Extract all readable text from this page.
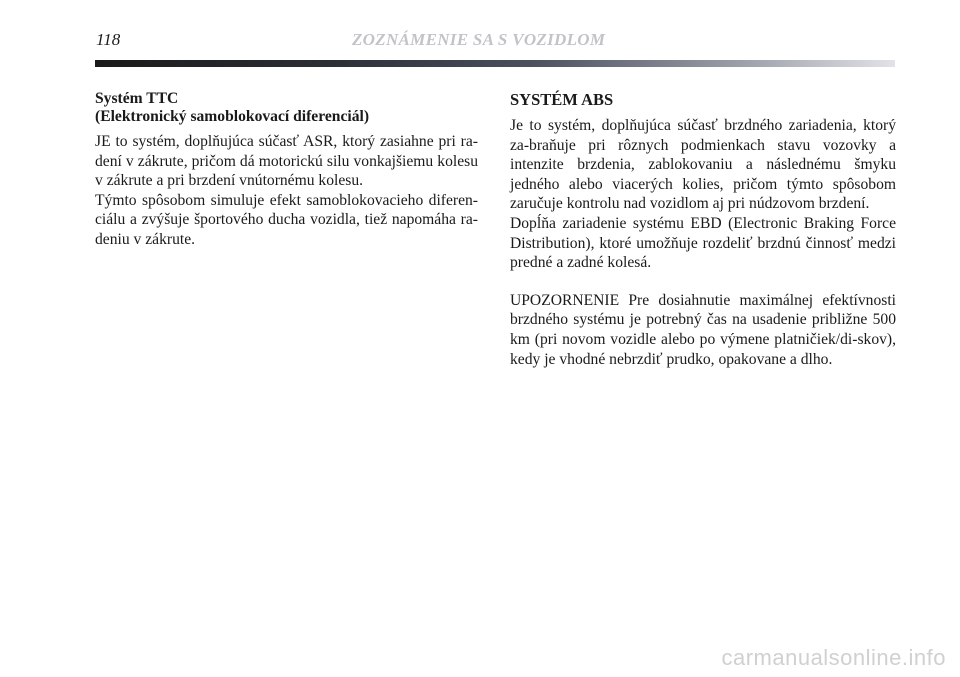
118	ZOZNÁMENIE SA S VOZIDLOM
Systém TTC
(Elektronický samoblokovací diferenciál)

JE to systém, doplňujúca súčasť ASR, ktorý zasiahne pri ra-dení v zákrute, pričom dá motorickú silu vonkajšiemu kolesu v zákrute a pri brzdení vnútornému kolesu.

Týmto spôsobom simuluje efekt samoblokovacieho diferen-ciálu a zvýšuje športového ducha vozidla, tiež napomáha ra-deniu v zákrute.

SYSTÉM ABS

Je to systém, doplňujúca súčasť brzdného zariadenia, ktorý za-braňuje pri rôznych podmienkach stavu vozovky a intenzite brzdenia, zablokovaniu a následnému šmyku jedného alebo viacerých kolies, pričom týmto spôsobom zaručuje kontrolu nad vozidlom aj pri núdzovom brzdení.

Dopĺňa zariadenie systému EBD (Electronic Braking Force Distribution), ktoré umožňuje rozdeliť brzdnú činnosť medzi predné a zadné kolesá.

UPOZORNENIE Pre dosiahnutie maximálnej efektívnosti brzdného systému je potrebný čas na usadenie približne 500 km (pri novom vozidle alebo po výmene platničiek/di-skov), kedy je vhodné nebrzdiť prudko, opakovane a dlho.

carmanualsonline.info
